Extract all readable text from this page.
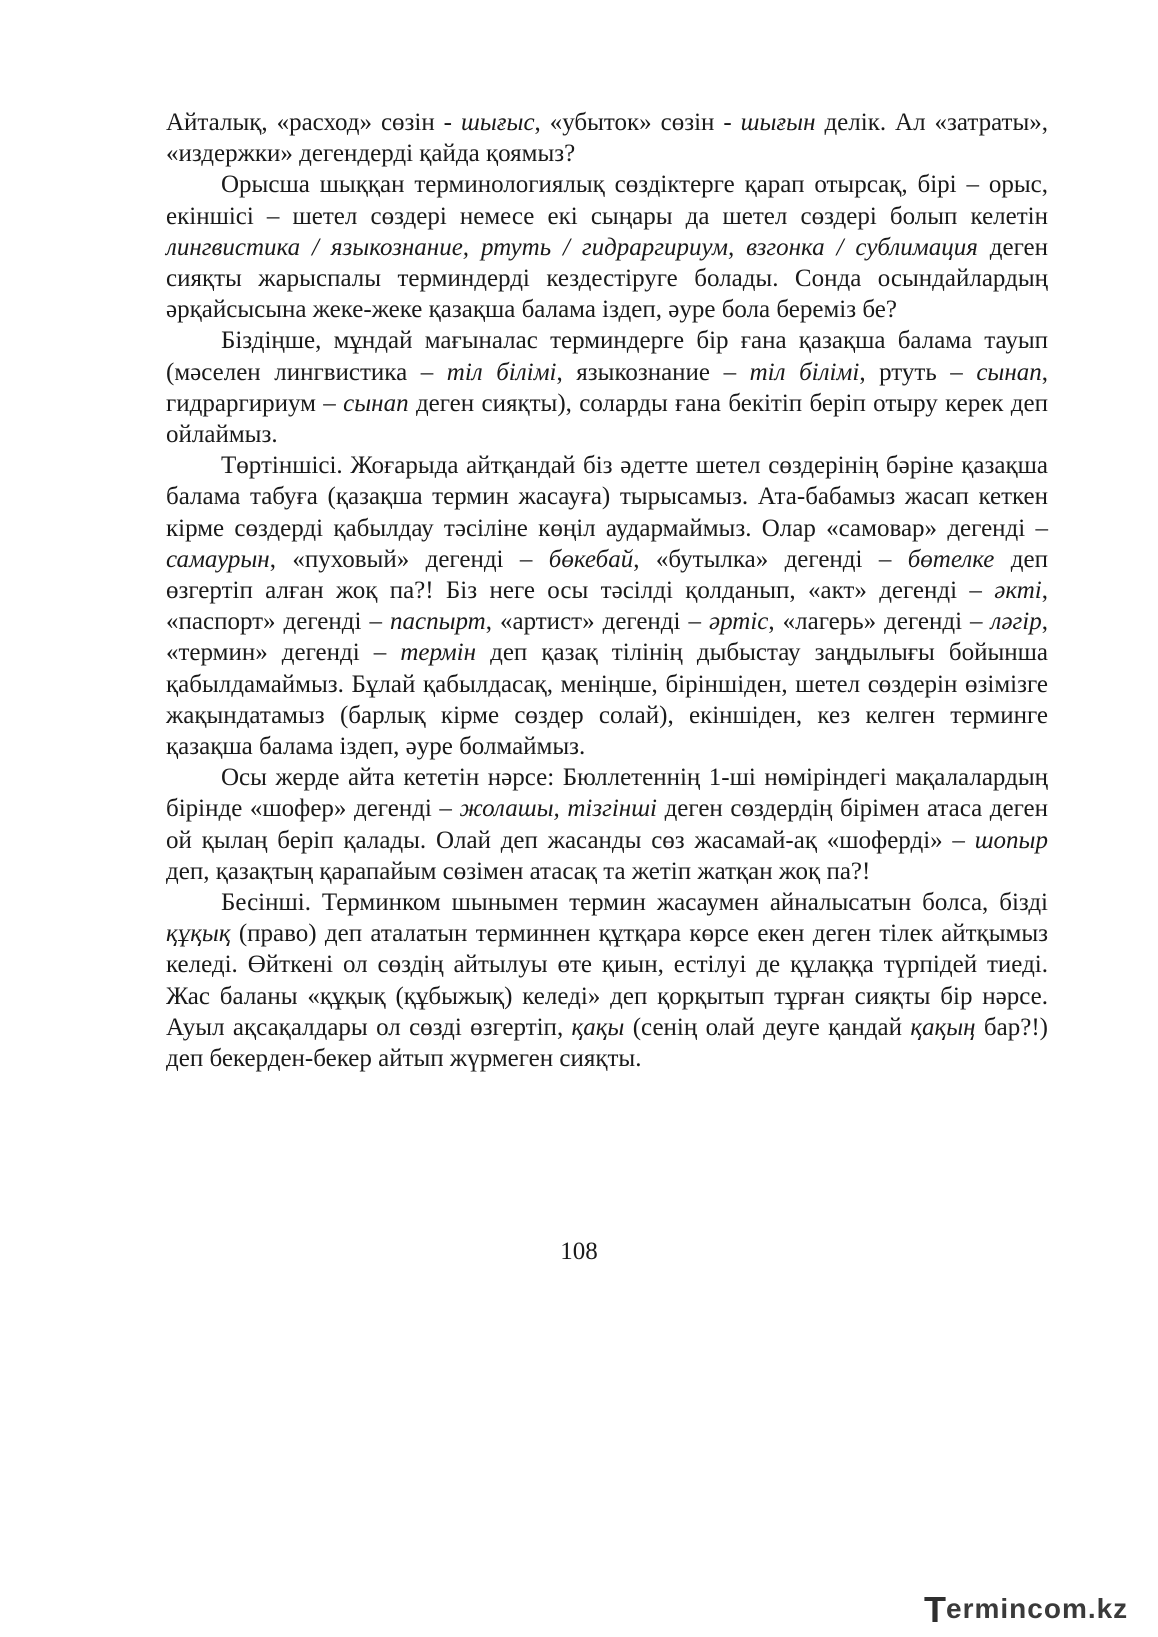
Айталық, «расход» сөзін - шығыс, «убыток» сөзін - шығын делік. Ал «затраты», «издержки» дегендерді қайда қоямыз?

Орысша шыққан терминологиялық сөздіктерге қарап отырсақ, бірі – орыс, екіншісі – шетел сөздері немесе екі сыңары да шетел сөздері болып келетін лингвистика / языкознание, ртуть / гидраргириум, взгонка / сублимация деген сияқты жарыспалы терминдерді кездестіруге болады. Сонда осындайлардың әрқайсысына жеке-жеке қазақша балама іздеп, әуре бола береміз бе?

Біздіңше, мұндай мағыналас терминдерге бір ғана қазақша балама тауып (мәселен лингвистика – тіл білімі, языкознание – тіл білімі, ртуть – сынап, гидраргириум – сынап деген сияқты), соларды ғана бекітіп беріп отыру керек деп ойлаймыз.

Төртіншісі. Жоғарыда айтқандай біз әдетте шетел сөздерінің бәріне қазақша балама табуға (қазақша термин жасауға) тырысамыз. Ата-бабамыз жасап кеткен кірме сөздерді қабылдау тәсіліне көңіл аудармаймыз. Олар «самовар» дегенді – самаурын, «пуховый» дегенді – бөкебай, «бутылка» дегенді – бөтелке деп өзгертіп алған жоқ па?! Біз неге осы тәсілді қолданып, «акт» дегенді – әкті, «паспорт» дегенді – паспырт, «артист» дегенді – әртіс, «лагерь» дегенді – ләгір, «термин» дегенді – термін деп қазақ тілінің дыбыстау заңдылығы бойынша қабылдамаймыз. Бұлай қабылдасақ, меніңше, біріншіден, шетел сөздерін өзімізге жақындатамыз (барлық кірме сөздер солай), екіншіден, кез келген терминге қазақша балама іздеп, әуре болмаймыз.

Осы жерде айта кететін нәрсе: Бюллетеннің 1-ші нөміріндегі мақалалардың бірінде «шофер» дегенді – жолашы, тізгінші деген сөздердің бірімен атаса деген ой қылаң беріп қалады. Олай деп жасанды сөз жасамай-ақ «шоферді» – шопыр деп, қазақтың қарапайым сөзімен атасақ та жетіп жатқан жоқ па?!

Бесінші. Терминком шынымен термин жасаумен айналысатын болса, бізді құқық (право) деп аталатын терминнен құтқара көрсе екен деген тілек айтқымыз келеді. Өйткені ол сөздің айтылуы өте қиын, естілуі де құлаққа түрпідей тиеді. Жас баланы «құқық (құбыжық) келеді» деп қорқытып тұрған сияқты бір нәрсе. Ауыл ақсақалдары ол сөзді өзгертіп, қақы (сенің олай деуге қандай қақың бар?!) деп бекерден-бекер айтып жүрмеген сияқты.

108
T ermincom.kz
